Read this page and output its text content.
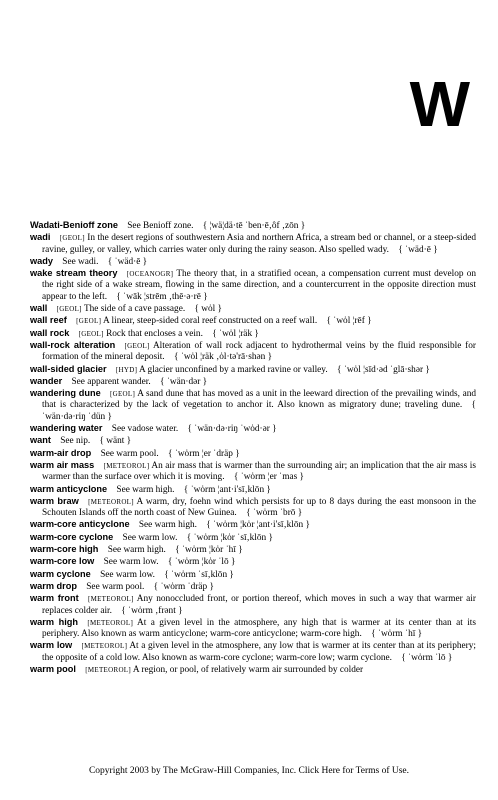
W

Wadati-Benioff zone  See Benioff zone.  { ¦wä¦dä·tē ˈben·ē‚ôf ‚zōn }

wadi  [GEOL] In the desert regions of southwestern Asia and northern Africa, a stream bed or channel, or a steep-sided ravine, gulley, or valley, which carries water only during the rainy season. Also spelled wady.  { ˈwäd·ē }

wady  See wadi.  { ˈwäd·ē }

wake stream theory  [OCEANOGR] The theory that, in a stratified ocean, a compensation current must develop on the right side of a wake stream, flowing in the same direction, and a countercurrent in the opposite direction must appear to the left.  { ˈwāk ¦strēm ‚thē·ə·rē }

wall  [GEOL] The side of a cave passage.  { wȯl }

wall reef  [GEOL] A linear, steep-sided coral reef constructed on a reef wall.  { ˈwȯl ¦rēf }

wall rock  [GEOL] Rock that encloses a vein.  { ˈwȯl ¦räk }

wall-rock alteration  [GEOL] Alteration of wall rock adjacent to hydrothermal veins by the fluid responsible for formation of the mineral deposit.  { ˈwȯl ¦räk ‚ȯl·tə'rā·shən }

wall-sided glacier  [HYD] A glacier unconfined by a marked ravine or valley.  { ˈwȯl ¦sīd·əd ˈglā·shər }

wander  See apparent wander.  { ˈwän·dər }

wandering dune  [GEOL] A sand dune that has moved as a unit in the leeward direction of the prevailing winds, and that is characterized by the lack of vegetation to anchor it. Also known as migratory dune; traveling dune.  { ˈwän·də·riŋ ˈdün }

wandering water  See vadose water.  { ˈwän·də·riŋ ˈwȯd·ər }

want  See nip.  { wänt }

warm-air drop  See warm pool.  { ˈwȯrm ¦er ˈdräp }

warm air mass  [METEOROL] An air mass that is warmer than the surrounding air; an implication that the air mass is warmer than the surface over which it is moving.  { ˈwȯrm ¦er ˈmas }

warm anticyclone  See warm high.  { ˈwȯrm ¦ant·i'sī‚klōn }

warm braw  [METEOROL] A warm, dry, foehn wind which persists for up to 8 days during the east monsoon in the Schouten Islands off the north coast of New Guinea.  { ˈwȯrm ˈbrō }

warm-core anticyclone  See warm high.  { ˈwȯrm ¦kȯr ¦ant·i'sī‚klōn }

warm-core cyclone  See warm low.  { ˈwȯrm ¦kȯr ˈsī‚klōn }

warm-core high  See warm high.  { ˈwȯrm ¦kȯr ˈhī }

warm-core low  See warm low.  { ˈwȯrm ¦kȯr ˈlō }

warm cyclone  See warm low.  { ˈwȯrm ˈsī‚klōn }

warm drop  See warm pool.  { ˈwȯrm ˈdräp }

warm front  [METEOROL] Any nonoccluded front, or portion thereof, which moves in such a way that warmer air replaces colder air.  { ˈwȯrm ‚frənt }

warm high  [METEOROL] At a given level in the atmosphere, any high that is warmer at its center than at its periphery. Also known as warm anticyclone; warm-core anticyclone; warm-core high.  { ˈwȯrm ˈhī }

warm low  [METEOROL] At a given level in the atmosphere, any low that is warmer at its center than at its periphery; the opposite of a cold low. Also known as warm-core cyclone; warm-core low; warm cyclone.  { ˈwȯrm ˈlō }

warm pool  [METEOROL] A region, or pool, of relatively warm air surrounded by colder

Copyright 2003 by The McGraw-Hill Companies, Inc. Click Here for Terms of Use.
